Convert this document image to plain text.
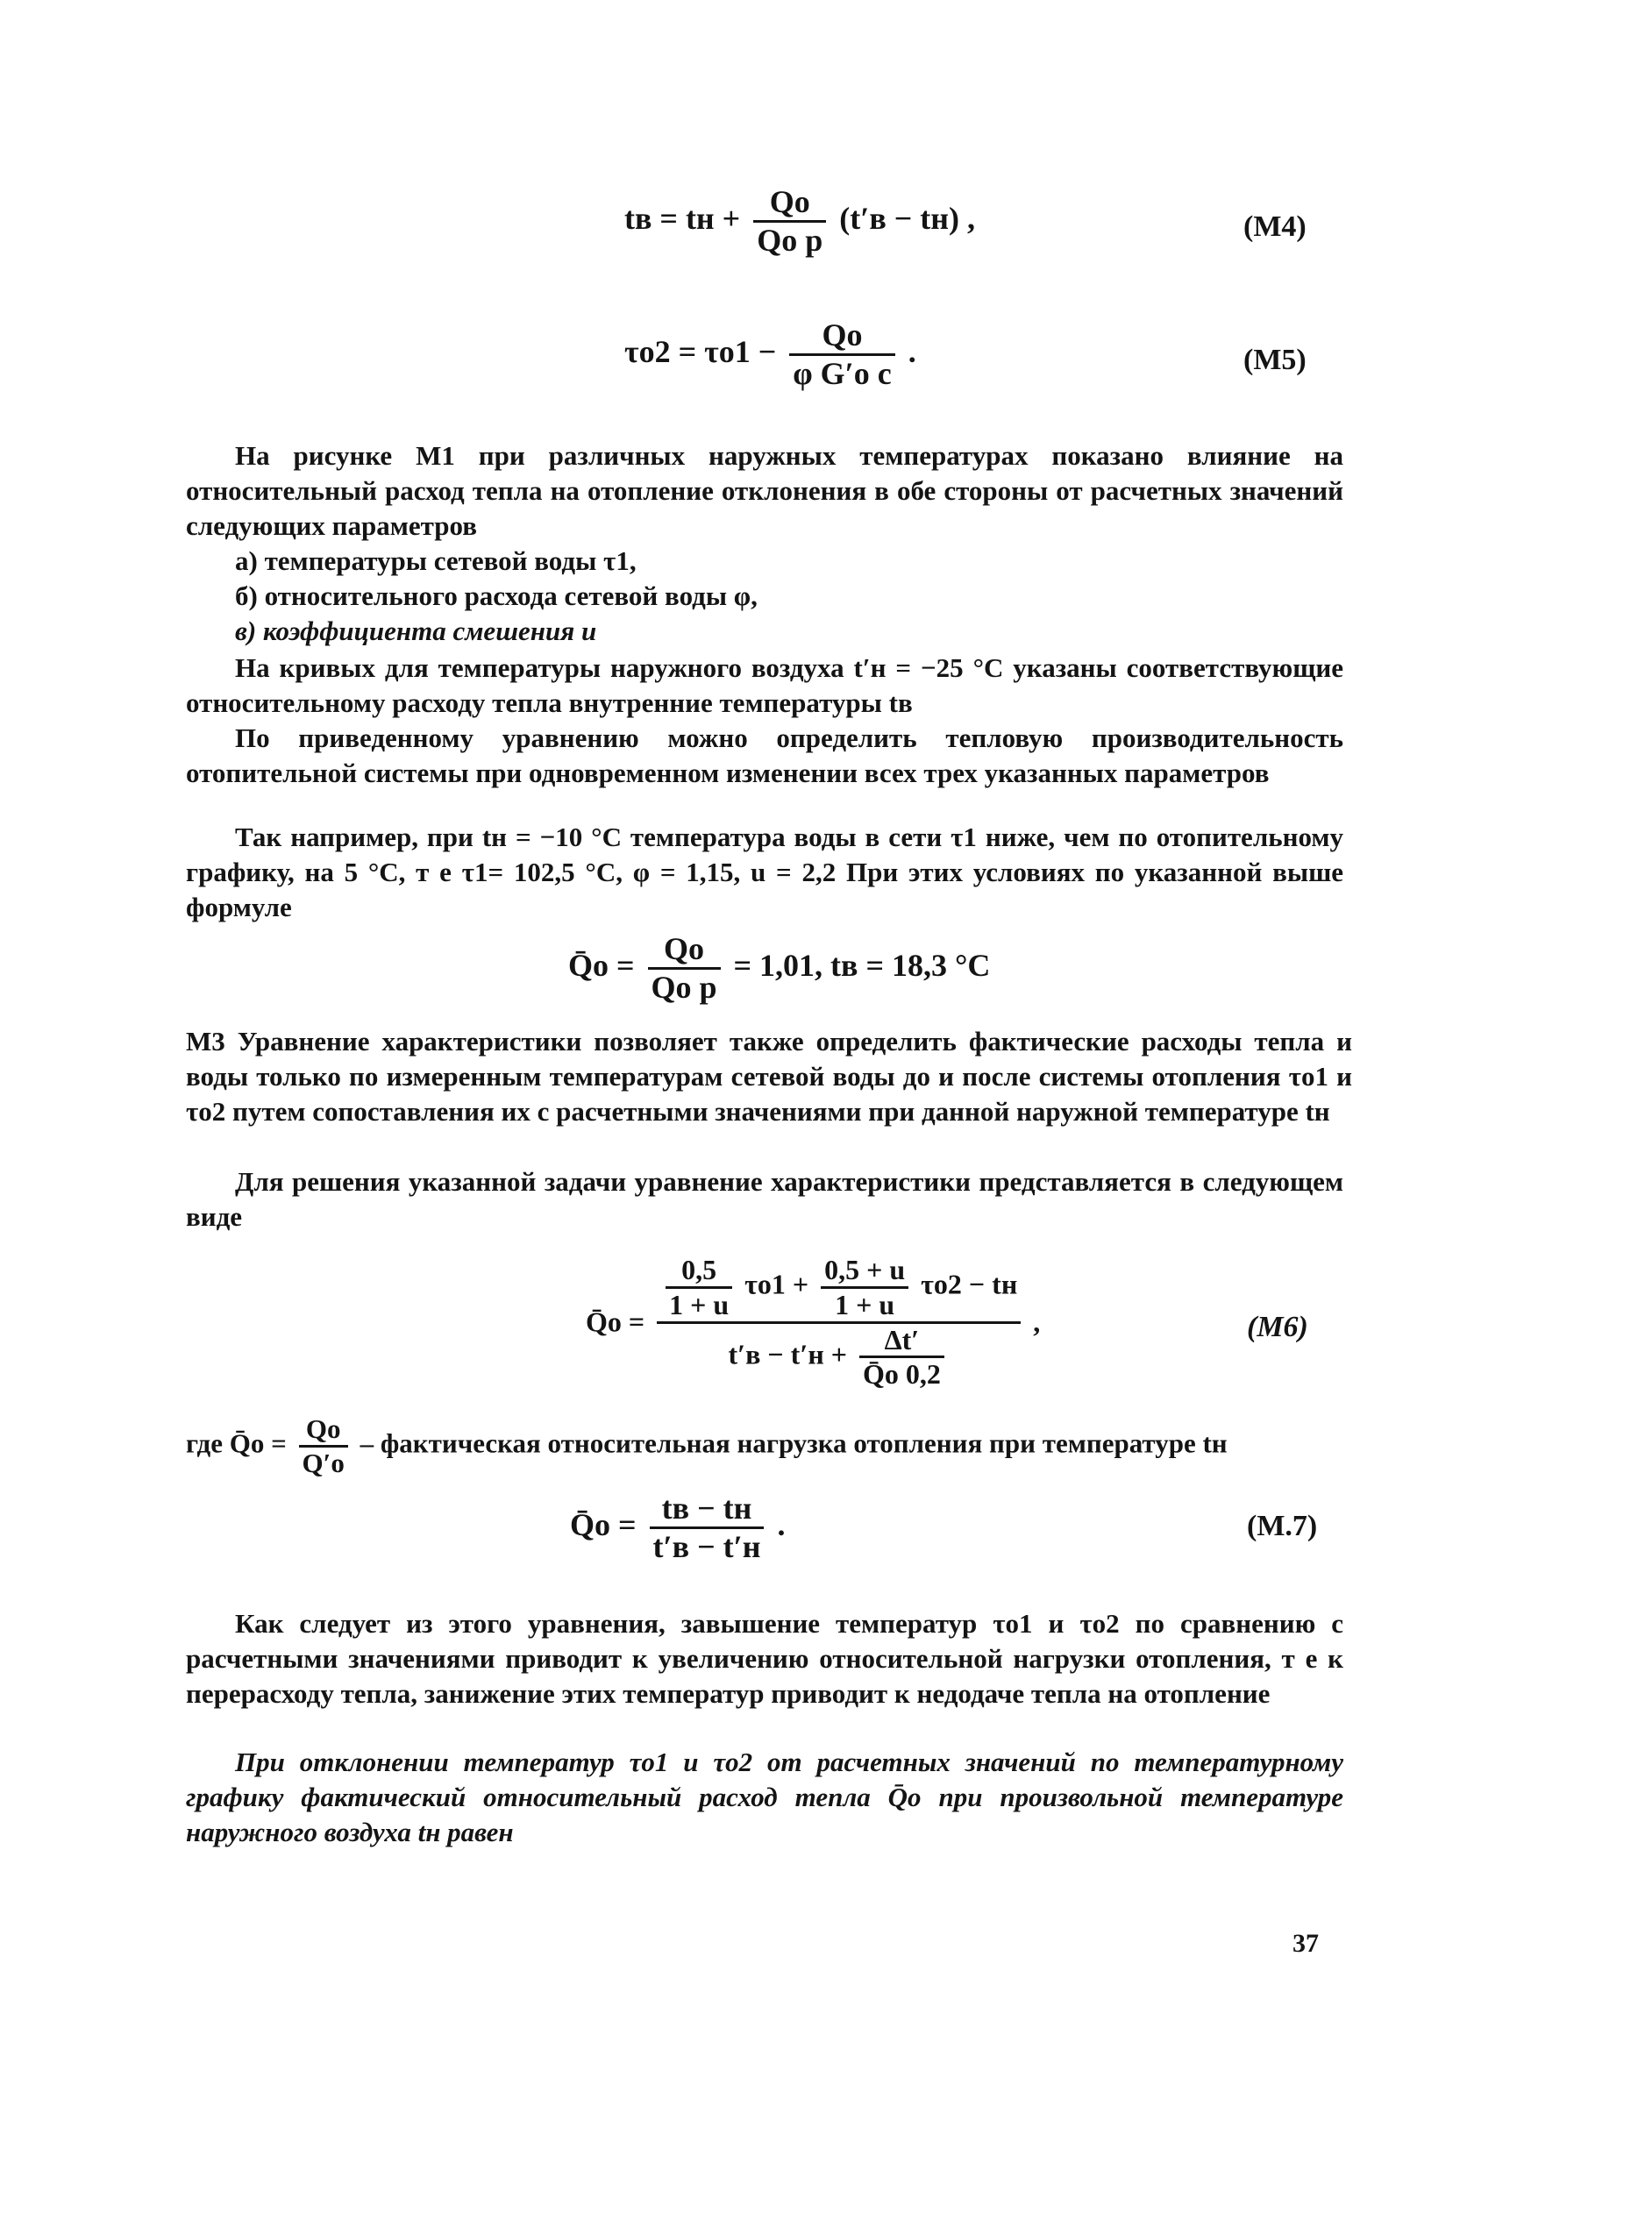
tв = tн + $\frac{Qо}{\text{Qо р}} (t'в - tн)$ ,	(М4)
$\tau о2 = \tau о1 - \frac{Qо}{\text{φ G′о c}}$ .	(М5)
На рисунке М1 при различных наружных температурах показано влияние на относительный расход тепла на отопление отклонения в обе стороны от расчетных значений следующих параметров
а) температуры сетевой воды τ1,
б) относительного расхода сетевой воды φ,
в) коэффициента смешения u
На кривых для температуры наружного воздуха t′н = −25 °C указаны соответствующие относительному расходу тепла внутренние температуры tв
По приведенному уравнению можно определить тепловую производительность отопительной системы при одновременном изменении всех трех указанных параметров
Так например, при tн = −10 °C температура воды в сети τ1 ниже, чем по отопительному графику, на 5 °C, т е τ1= 102,5 °C, φ = 1,15, u = 2,2 При этих условиях по указанной выше формуле
Q̄о = $\frac{Qо}{\text{Qо р}} = 1,01$, tв = 18,3 °C
М3 Уравнение характеристики позволяет также определить фактические расходы тепла и воды только по измеренным температурам сетевой воды до и после системы отопления τо1 и τо2 путем сопоставления их с расчетными значениями при данной наружной температуре tн
Для решения указанной задачи уравнение характеристики представляется в следующем виде
Q̄о =
$\frac{0,5}{1 + u} \tau о1 + \frac{0,5 + u}{1 + u} \tau о2$ − tн
$t'в - t'н + \frac{\Delta t'}{Q̄о 0,2}$
,	(М6)
где Q̄о = $\frac{Qо}{Q'о}$ – фактическая относительная нагрузка отопления при температуре tн
Q̄о = $\frac{tв - tн}{t'в - t'н}$ .	(М.7)
Как следует из этого уравнения, завышение температур τо1 и τо2 по сравнению с расчетными значениями приводит к увеличению относительной нагрузки отопления, т е к перерасходу тепла, занижение этих температур приводит к недодаче тепла на отопление
При отклонении температур τо1 и τо2 от расчетных значений по температурному графику фактический относительный расход тепла Q̄о при произвольной температуре наружного воздуха tн равен
37
